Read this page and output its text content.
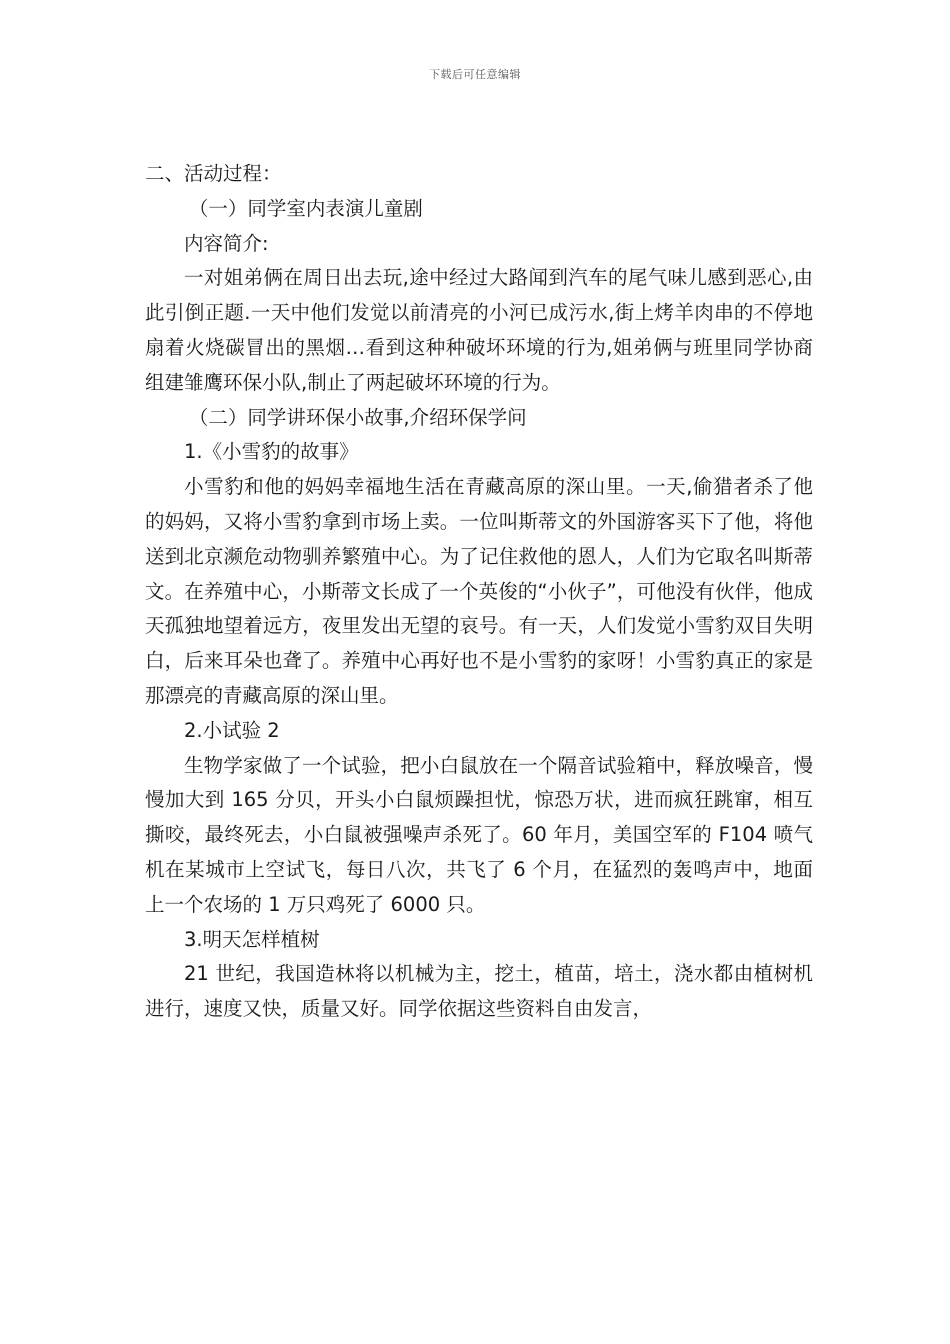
下载后可任意编辑

二、活动过程：

（一）同学室内表演儿童剧

内容简介:

一对姐弟俩在周日出去玩,途中经过大路闻到汽车的尾气味儿感到恶心,由此引倒正题.一天中他们发觉以前清亮的小河已成污水,街上烤羊肉串的不停地扇着火烧碳冒出的黑烟…看到这种种破坏环境的行为,姐弟俩与班里同学协商 组建雏鹰环保小队,制止了两起破坏环境的行为。

（二）同学讲环保小故事,介绍环保学问

1.《小雪豹的故事》

小雪豹和他的妈妈幸福地生活在青藏高原的深山里。一天,偷猎者杀了他的妈妈，又将小雪豹拿到市场上卖。一位叫斯蒂文的外国游客买下了他，将他送到北京濒危动物驯养繁殖中心。为了记住救他的恩人，人们为它取名叫斯蒂文。在养殖中心，小斯蒂文长成了一个英俊的“小伙子”，可他没有伙伴，他成天孤独地望着远方，夜里发出无望的哀号。有一天，人们发觉小雪豹双目失明白，后来耳朵也聋了。养殖中心再好也不是小雪豹的家呀！小雪豹真正的家是那漂亮的青藏高原的深山里。

2.小试验 2

生物学家做了一个试验，把小白鼠放在一个隔音试验箱中，释放噪音，慢慢加大到 165 分贝，开头小白鼠烦躁担忧，惊恐万状，进而疯狂跳窜，相互撕咬，最终死去，小白鼠被强噪声杀死了。60 年月，美国空军的 F104 喷气机在某城市上空试飞，每日八次，共飞了 6 个月，在猛烈的轰鸣声中，地面上一个农场的 1 万只鸡死了 6000 只。

3.明天怎样植树

21 世纪，我国造林将以机械为主，挖土，植苗，培土，浇水都由植树机进行，速度又快，质量又好。同学依据这些资料自由发言，
